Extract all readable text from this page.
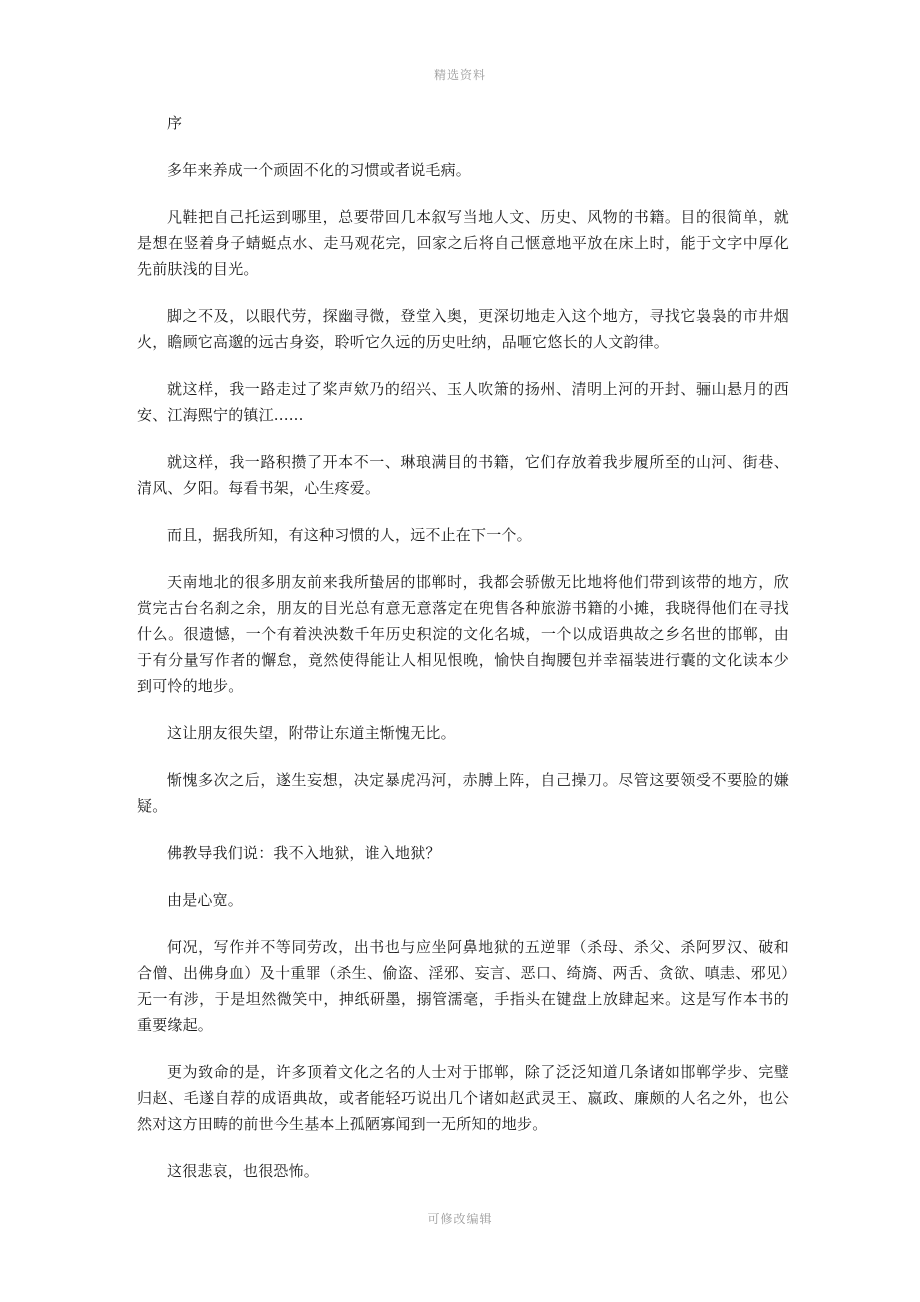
精选资料

序

多年来养成一个顽固不化的习惯或者说毛病。

凡鞋把自己托运到哪里，总要带回几本叙写当地人文、历史、风物的书籍。目的很简单，就是想在竖着身子蜻蜓点水、走马观花完，回家之后将自己惬意地平放在床上时，能于文字中厚化先前肤浅的目光。

脚之不及，以眼代劳，探幽寻微，登堂入奥，更深切地走入这个地方，寻找它袅袅的市井烟火，瞻顾它高邈的远古身姿，聆听它久远的历史吐纳，品咂它悠长的人文韵律。

就这样，我一路走过了桨声欸乃的绍兴、玉人吹箫的扬州、清明上河的开封、骊山悬月的西安、江海熙宁的镇江......

就这样，我一路积攒了开本不一、琳琅满目的书籍，它们存放着我步履所至的山河、街巷、清风、夕阳。每看书架，心生疼爱。

而且，据我所知，有这种习惯的人，远不止在下一个。

天南地北的很多朋友前来我所蛰居的邯郸时，我都会骄傲无比地将他们带到该带的地方，欣赏完古台名刹之余，朋友的目光总有意无意落定在兜售各种旅游书籍的小摊，我晓得他们在寻找什么。很遗憾，一个有着泱泱数千年历史积淀的文化名城，一个以成语典故之乡名世的邯郸，由于有分量写作者的懈怠，竟然使得能让人相见恨晚，愉快自掏腰包并幸福装进行囊的文化读本少到可怜的地步。

这让朋友很失望，附带让东道主惭愧无比。

惭愧多次之后，遂生妄想，决定暴虎冯河，赤膊上阵，自己操刀。尽管这要领受不要脸的嫌疑。

佛教导我们说：我不入地狱，谁入地狱？

由是心宽。

何况，写作并不等同劳改，出书也与应坐阿鼻地狱的五逆罪（杀母、杀父、杀阿罗汉、破和合僧、出佛身血）及十重罪（杀生、偷盗、淫邪、妄言、恶口、绮旖、两舌、贪欲、嗔恚、邪见）无一有涉，于是坦然微笑中，抻纸研墨，搦管濡毫，手指头在键盘上放肆起来。这是写作本书的重要缘起。

更为致命的是，许多顶着文化之名的人士对于邯郸，除了泛泛知道几条诸如邯郸学步、完璧归赵、毛遂自荐的成语典故，或者能轻巧说出几个诸如赵武灵王、嬴政、廉颇的人名之外，也公然对这方田畴的前世今生基本上孤陋寡闻到一无所知的地步。

这很悲哀，也很恐怖。

可修改编辑
